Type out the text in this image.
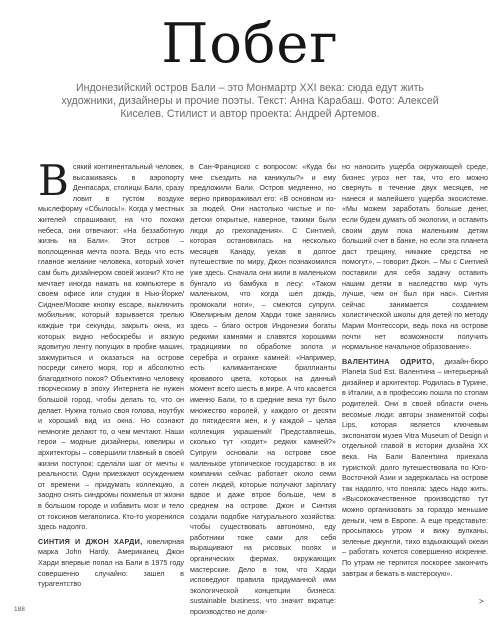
Побег
Индонезийский остров Бали – это Монмартр XXI века: сюда едут жить художники, дизайнеры и прочие поэты. Текст: Анна Карабаш. Фото: Алексей Киселев. Стилист и автор проекта: Андрей Артемов.

Всякий континентальный человек, высаживаясь в аэропорту Денпасара, столицы Бали, сразу ловит в густом воздухе мыслеформу «Сбылось!». Когда у местных жителей спрашивают, на что похожи небеса, они отвечают: «На беззаботную жизнь на Бали». Этот остров – воплощенная мечта поэта. Ведь что есть главное желание человека, который хочет сам быть дизайнером своей жизни? Кто не мечтает иногда нажать на компьютере в своем офисе или студии в Нью-Йорке/Сиднее/Москве кнопку escape, выключить мобильник, который взрывается трелью каждые три секунды, закрыть окна, из которых видно небоскребы и вязкую ядовитую ленту попущих в пробке машин, зажмуриться и оказаться на острове посреди синего моря, гор и абсолютно благодатного покоя? Объективно человеку творческому в эпоху Интернета не нужен большой город, чтобы делать то, что он делает. Нужна только своя голова, ноутбук и хороший вид из окна. Но сознают немногие делают то, о чем мечтают. Наши герои – модные дизайнеры, ювелиры и архитекторы – совершили главный в своей жизни поступок: сделали шаг от мечты к реальности. Одни приезжают осуждением от времени – придумать коллекцию, а заодно снять синдромы похмелья от жизни в большом городе и избавить мозг и тело от токсинов мегаполиса. Кто-то укоренился здесь надолго.

СИНТИЯ И ДЖОН ХАРДИ, ювелирная марка John Hardy. Американец Джон Харди впервые попал на Бали в 1975 году совершенно случайно: зашел в турагентство

в Сан-Франциско с вопросом: «Куда бы мне съездить на каникулы?» и ему предложили Бали. Остров медленно, но верно привораживал его: «В основном из-за людей. Они настолько чистые и по-детски открытые, наверное, такими были люди до грехопадения». С Синтией, которая остановилась на несколько месяцев Канаду, уехав в долгое путешествие по миру, Джон познакомился уже здесь. Сначала они жили в маленьком бунгало из бамбука в лесу: «Таком маленьком, что когда шел дождь, промокали ноги», – смеются супруги. Ювелирным делом Харди тоже занялись здесь – благо остров Индонезии богаты редкими камнями и славятся хорошими традициями по обработке золота и серебра и огранке камней: «Например, есть калимантанские бриллианты кровавого цвета, которых на данный момент всего шесть в мире. А что касается именно Бали, то в средние века тут было множество королей, у каждого от десяти до пятидесяти жен, и у каждой – целая коллекция украшений! Представляешь, сколько тут «ходит» редких камней?» Супруги основали на острове свое маленькое утопическое государство: в их компании сейчас работает около семи сотен людей, которые получают зарплату вдвое и даже втрое больше, чем в среднем на острове. Джон и Синтия создали подобие натурального хозяйства: чтобы существовать автономно, еду работники тоже сами для себя выращивают на рисовых полях и органических фермах, окружающих мастерские. Дело в том, что Харди исповедуют правила придуманной ими экологической концепции бизнеса: sustainable business, что значит вкратце: производство не долж-

но наносить ущерба окружающей среде, бизнес угроз нет так, что его можно свернуть в течение двух месяцев, не нанеся и малейшего ущерба экосистеме. «Мы можем заработать больше денег, если будем думать об экологии, и оставить своим двум пока маленьким детям больший счет в банке, но если эта планета даст трещину, никакие средства не помогут», – говорит Джон. – Мы с Синтией поставили для себя задачу оставить нашим детям в наследство мир чуть лучше, чем он был при нас». Синтия сейчас занимается созданием холистической школы для детей по методу Марии Монтессори, ведь пока на острове почти нет возможности получить нормальное начальное образование».

ВАЛЕНТИНА ОДРИТО, дизайн-бюро Planeta Sud Est. Валентина – интерьерный дизайнер и архитектор. Родилась в Турине, в Италии, а в профессию пошла по стопам родителей. Они в своей области очень весомые люди: авторы знаменитой софы Lips, которая является ключевым экспонатом музея Vitra Museum of Design и отдельной главой в истории дизайна XX века. На Бали Валентина приехала туристкой: долго путешествовала по Юго-Восточной Азии и задержалась на острове так надолго, что поняла: здесь надо жить. «Высококачественное производство тут можно организовать за гораздо меньшие деньги, чем в Европе. А еще представьте: просыпаюсь утром и вижу вулканы, зеленые джунгли, тихо вздыхающий океан – работать хочется совершенно искренне. По утрам не терпится поскорее закончить завтрак и бежать в мастерскую».

188
>
